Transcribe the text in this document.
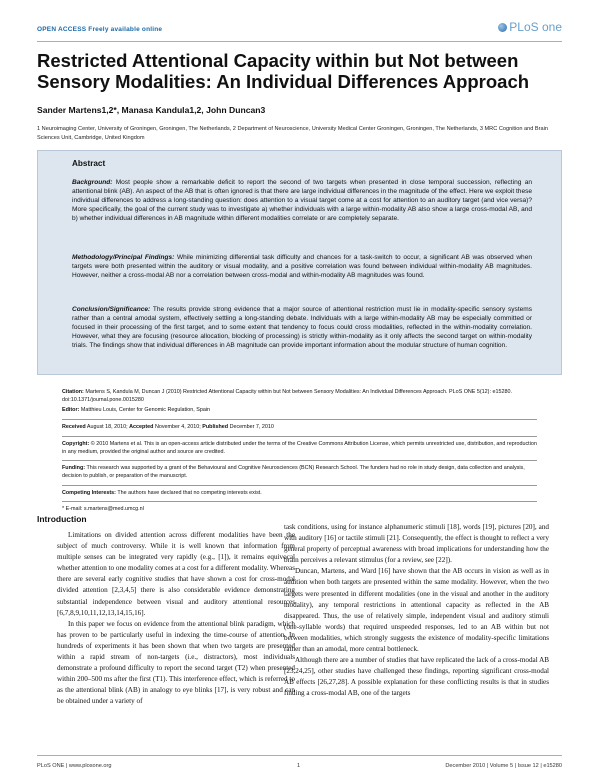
OPEN ACCESS Freely available online	PLoS one
Restricted Attentional Capacity within but Not between Sensory Modalities: An Individual Differences Approach
Sander Martens1,2*, Manasa Kandula1,2, John Duncan3
1 Neuroimaging Center, University of Groningen, Groningen, The Netherlands, 2 Department of Neuroscience, University Medical Center Groningen, Groningen, The Netherlands, 3 MRC Cognition and Brain Sciences Unit, Cambridge, United Kingdom
Abstract
Background: Most people show a remarkable deficit to report the second of two targets when presented in close temporal succession, reflecting an attentional blink (AB). An aspect of the AB that is often ignored is that there are large individual differences in the magnitude of the effect. Here we exploit these individual differences to address a long-standing question: does attention to a visual target come at a cost for attention to an auditory target (and vice versa)? More specifically, the goal of the current study was to investigate a) whether individuals with a large within-modality AB also show a large cross-modal AB, and b) whether individual differences in AB magnitude within different modalities correlate or are completely separate.
Methodology/Principal Findings: While minimizing differential task difficulty and chances for a task-switch to occur, a significant AB was observed when targets were both presented within the auditory or visual modality, and a positive correlation was found between individual within-modality AB magnitudes. However, neither a cross-modal AB nor a correlation between cross-modal and within-modality AB magnitudes was found.
Conclusion/Significance: The results provide strong evidence that a major source of attentional restriction must lie in modality-specific sensory systems rather than a central amodal system, effectively settling a long-standing debate. Individuals with a large within-modality AB may be especially committed or focused in their processing of the first target, and to some extent that tendency to focus could cross modalities, reflected in the within-modality correlation. However, what they are focusing (resource allocation, blocking of processing) is strictly within-modality as it only affects the second target on within-modality trials. The findings show that individual differences in AB magnitude can provide important information about the modular structure of human cognition.
Citation: Martens S, Kandula M, Duncan J (2010) Restricted Attentional Capacity within but Not between Sensory Modalities: An Individual Differences Approach. PLoS ONE 5(12): e15280. doi:10.1371/journal.pone.0015280
Editor: Matthieu Louis, Center for Genomic Regulation, Spain
Received August 18, 2010; Accepted November 4, 2010; Published December 7, 2010
Copyright: © 2010 Martens et al. This is an open-access article distributed under the terms of the Creative Commons Attribution License, which permits unrestricted use, distribution, and reproduction in any medium, provided the original author and source are credited.
Funding: This research was supported by a grant of the Behavioural and Cognitive Neurosciences (BCN) Research School. The funders had no role in study design, data collection and analysis, decision to publish, or preparation of the manuscript.
Competing Interests: The authors have declared that no competing interests exist.
* E-mail: s.martens@med.umcg.nl
Introduction

Limitations on divided attention across different modalities have been the subject of much controversy. While it is well known that information from multiple senses can be integrated very rapidly (e.g., [1]), it remains equivocal whether attention to one modality comes at a cost for a different modality. Whereas there are several early cognitive studies that have shown a cost for cross-modal divided attention [2,3,4,5] there is also considerable evidence demonstrating substantial independence between visual and auditory attentional resources [6,7,8,9,10,11,12,13,14,15,16].

In this paper we focus on evidence from the attentional blink paradigm, which has proven to be particularly useful in indexing the time-course of attention. In hundreds of experiments it has been shown that when two targets are presented within a rapid stream of non-targets (i.e., distractors), most individuals demonstrate a profound difficulty to report the second target (T2) when presented within 200–500 ms after the first (T1). This interference effect, which is referred to as the attentional blink (AB) in analogy to eye blinks [17], is very robust and can be obtained under a variety of

task conditions, using for instance alphanumeric stimuli [18], words [19], pictures [20], and with auditory [16] or tactile stimuli [21]. Consequently, the effect is thought to reflect a very general property of perceptual awareness with broad implications for understanding how the brain perceives a relevant stimulus (for a review, see [22]).

Duncan, Martens, and Ward [16] have shown that the AB occurs in vision as well as in audition when both targets are presented within the same modality. However, when the two targets were presented in different modalities (one in the visual and another in the auditory modality), any temporal restrictions in attentional capacity as reflected in the AB disappeared. Thus, the use of relatively simple, independent visual and auditory stimuli (one-syllable words) that required unspeeded responses, led to an AB within but not between modalities, which strongly suggests the existence of modality-specific limitations rather than an amodal, more central bottleneck.

Although there are a number of studies that have replicated the lack of a cross-modal AB [23,24,25], other studies have challenged these findings, reporting significant cross-modal AB effects [26,27,28]. A possible explanation for these conflicting results is that in studies finding a cross-modal AB, one of the targets

PLoS ONE | www.plosone.org	1	December 2010 | Volume 5 | Issue 12 | e15280
